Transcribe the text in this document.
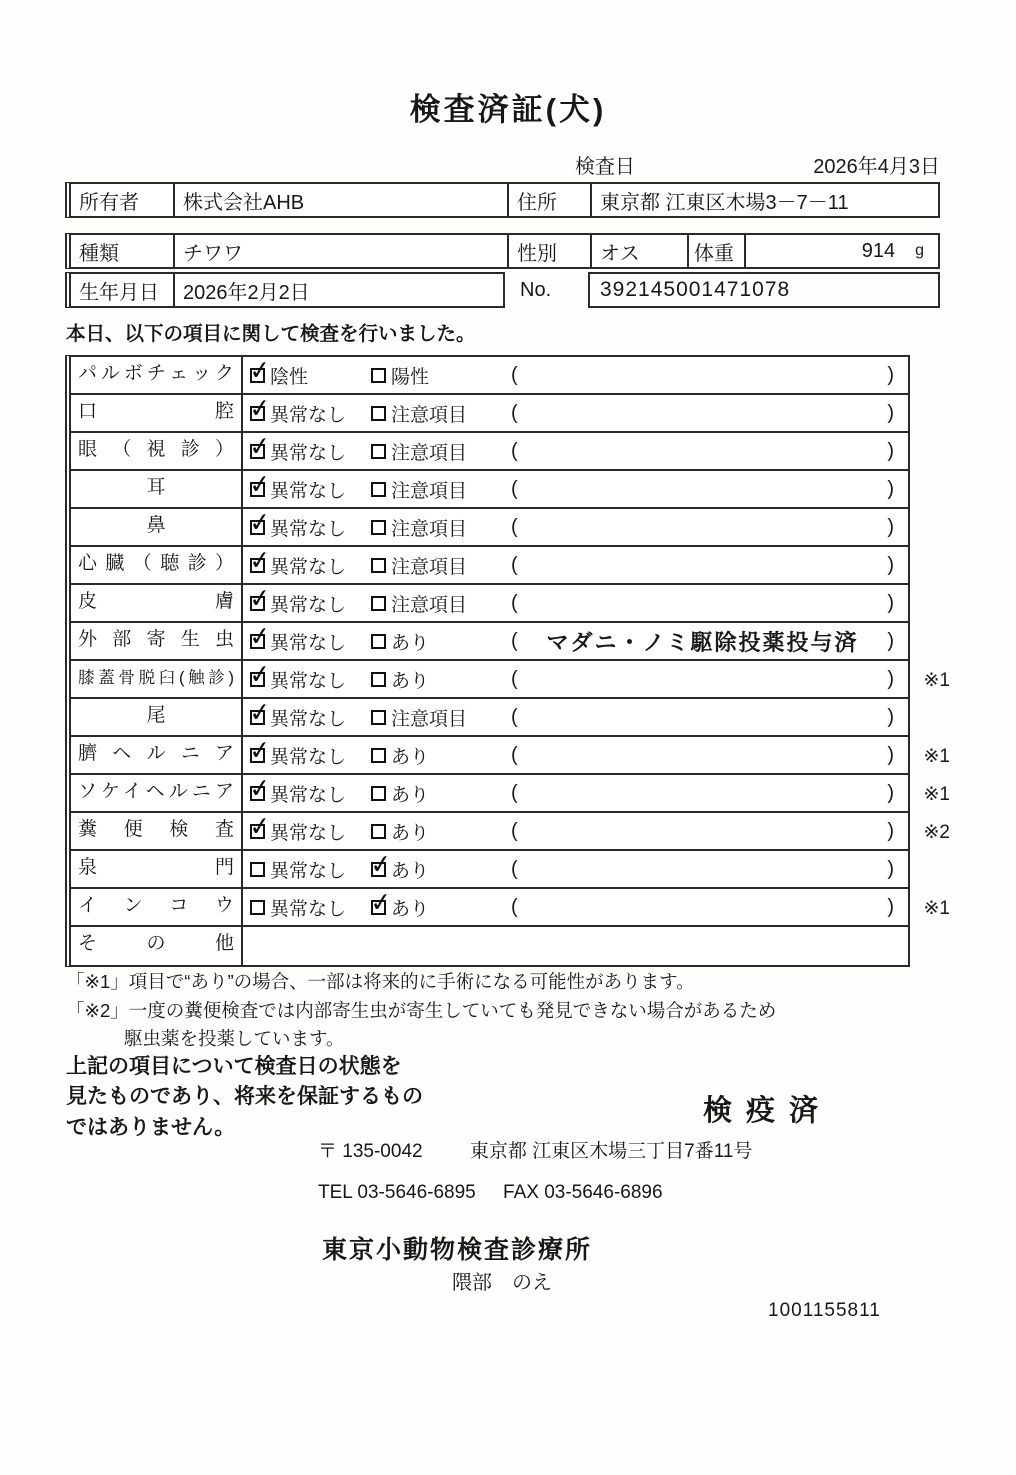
検査済証(犬)
検査日	2026年4月3日
所有者	株式会社AHB	住所	東京都 江東区木場3－7－11
種類	チワワ	性別	オス	体重	914 g
生年月日	2026年2月2日	No.	392145001471078
本日、以下の項目に関して検査を行いました。
パルボチェック ✓	陰性	陽性	(	)
口腔 ✓	異常なし 注意項目 (	)
眼（視診） ✓	異常なし 注意項目 (	)
耳 ✓	異常なし 注意項目 (	)
鼻 ✓	異常なし 注意項目 (	)
心臓（聴診） ✓	異常なし 注意項目 (	)
皮膚 ✓	異常なし 注意項目 (	)
外部寄生虫 ✓	異常なし あり	(	マダニ・ノミ駆除投薬投与済	)
膝蓋骨脱臼(触診) ✓	異常なし あり	(	) ※1
尾 ✓	異常なし 注意項目 (	)
臍ヘルニア ✓	異常なし あり	(	) ※1
ソケイヘルニア ✓	異常なし あり	(	) ※1
糞便検査 ✓	異常なし あり	(	) ※2
泉門	異常なし ✓ あり	(	)
インコウ	異常なし ✓ あり	(	) ※1
その他
「※1」項目で“あり”の場合、一部は将来的に手術になる可能性があります。
「※2」一度の糞便検査では内部寄生虫が寄生していても発見できない場合があるため
駆虫薬を投薬しています。
上記の項目について検査日の状態を
見たものであり、将来を保証するもの
ではありません。
検疫済
〒 135-0042 東京都 江東区木場三丁目7番11号
TEL 03-5646-6895 FAX 03-5646-6896
東京小動物検査診療所
隈部　のえ
1001155811
